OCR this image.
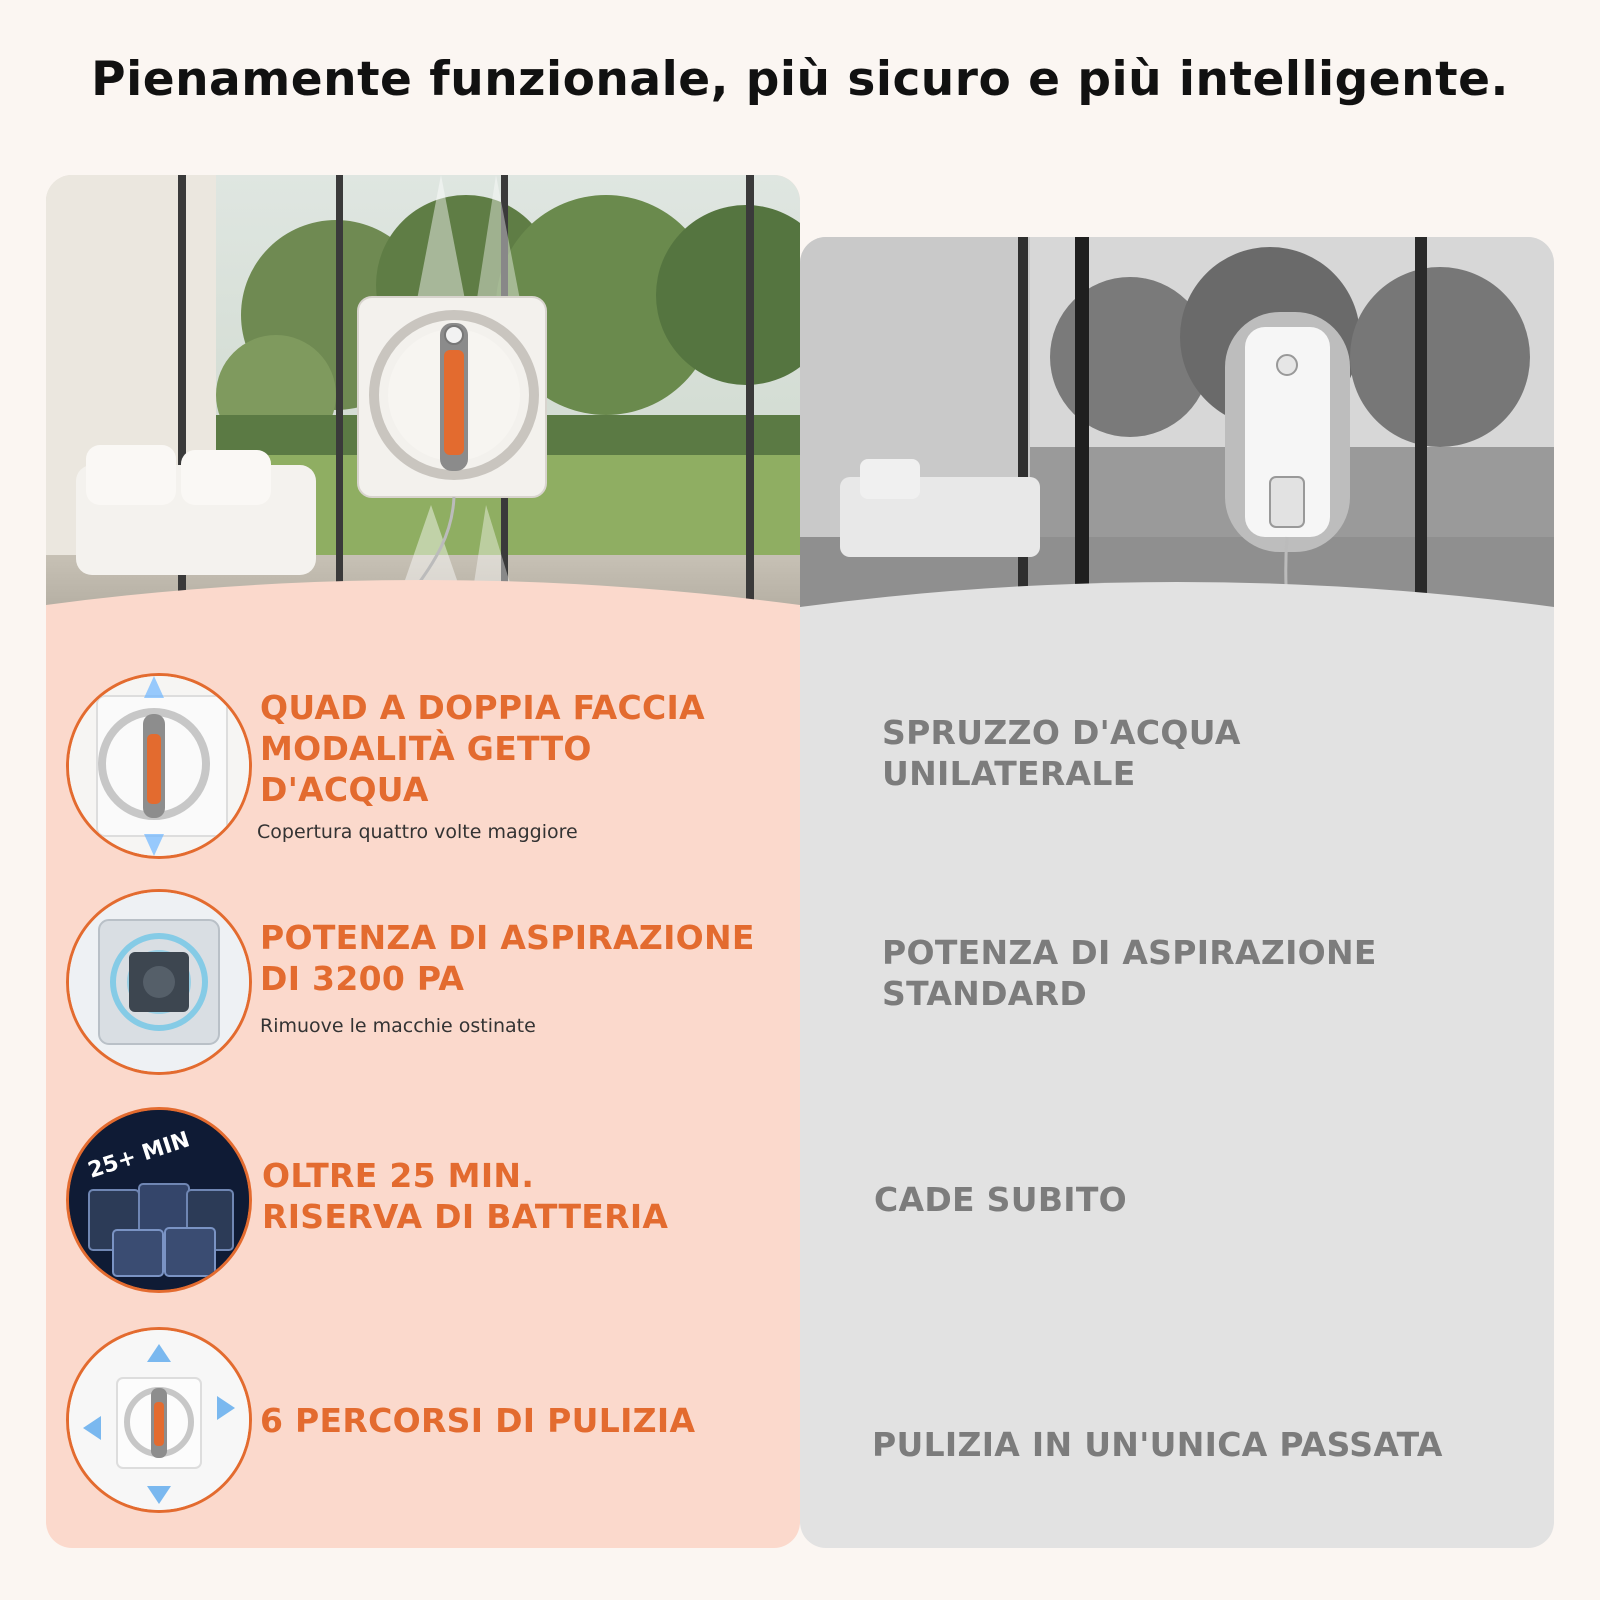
Pienamente funzionale, più sicuro e più intelligente.
QUAD A DOPPIA FACCIA
MODALITÀ GETTO
D'ACQUA
Copertura quattro volte maggiore
POTENZA DI ASPIRAZIONE
DI 3200 PA
Rimuove le macchie ostinate
25+ MIN OLTRE 25 MIN.
RISERVA DI BATTERIA
6 PERCORSI DI PULIZIA
SPRUZZO D'ACQUA
UNILATERALE
POTENZA DI ASPIRAZIONE
STANDARD
CADE SUBITO
PULIZIA IN UN'UNICA PASSATA
